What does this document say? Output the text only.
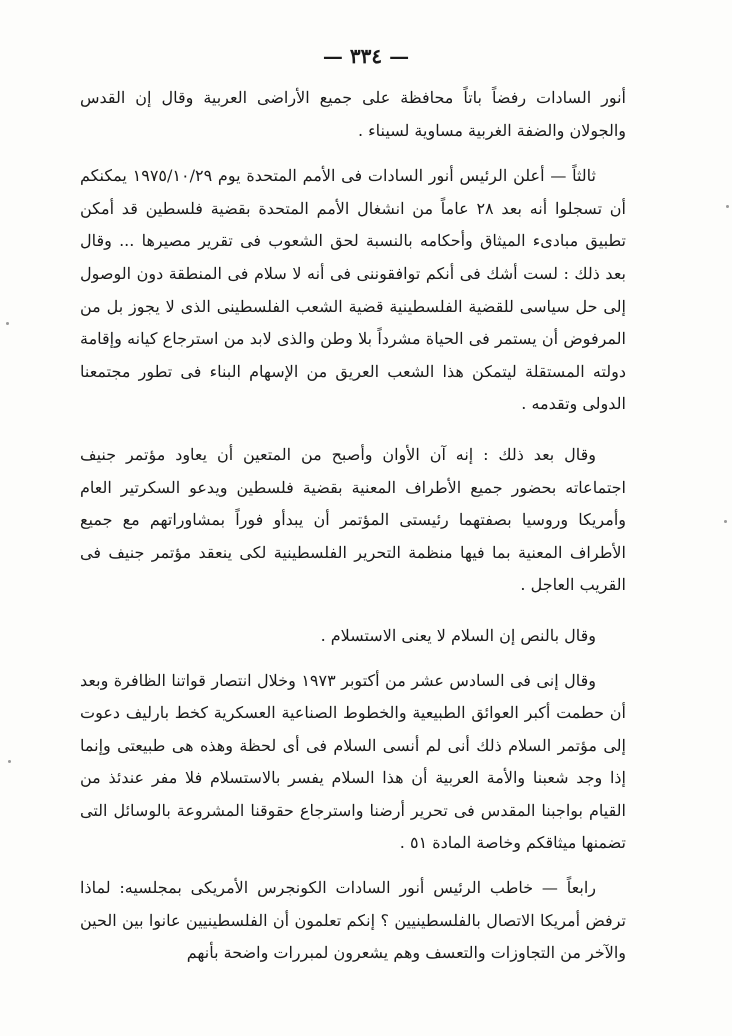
— ٣٣٤ —

أنور السادات رفضاً باتاً محافظة على جميع الأراضى العربية وقال إن القدس والجولان والضفة الغربية مساوية لسيناء .

ثالثاً — أعلن الرئيس أنور السادات فى الأمم المتحدة يوم ١٩٧٥/١٠/٢٩ يمكنكم أن تسجلوا أنه بعد ٢٨ عاماً من انشغال الأمم المتحدة بقضية فلسطين قد أمكن تطبيق مبادىء الميثاق وأحكامه بالنسبة لحق الشعوب فى تقرير مصيرها ... وقال بعد ذلك : لست أشك فى أنكم توافقوننى فى أنه لا سلام فى المنطقة دون الوصول إلى حل سياسى للقضية الفلسطينية قضية الشعب الفلسطينى الذى لا يجوز بل من المرفوض أن يستمر فى الحياة مشرداً بلا وطن والذى لابد من استرجاع كيانه وإقامة دولته المستقلة ليتمكن هذا الشعب العريق من الإسهام البناء فى تطور مجتمعنا الدولى وتقدمه .

وقال بعد ذلك : إنه آن الأوان وأصبح من المتعين أن يعاود مؤتمر جنيف اجتماعاته بحضور جميع الأطراف المعنية بقضية فلسطين ويدعو السكرتير العام وأمريكا وروسيا بصفتهما رئيستى المؤتمر أن يبدأو فوراً بمشاوراتهم مع جميع الأطراف المعنية بما فيها منظمة التحرير الفلسطينية لكى ينعقد مؤتمر جنيف فى القريب العاجل .

وقال بالنص إن السلام لا يعنى الاستسلام .

وقال إنى فى السادس عشر من أكتوبر ١٩٧٣ وخلال انتصار قواتنا الظافرة وبعد أن حطمت أكبر العوائق الطبيعية والخطوط الصناعية العسكرية كخط بارليف دعوت إلى مؤتمر السلام ذلك أنى لم أنسى السلام فى أى لحظة وهذه هى طبيعتى وإنما إذا وجد شعبنا والأمة العربية أن هذا السلام يفسر بالاستسلام فلا مفر عندئذ من القيام بواجبنا المقدس فى تحرير أرضنا واسترجاع حقوقنا المشروعة بالوسائل التى تضمنها ميثاقكم وخاصة المادة ٥١ .

رابعاً — خاطب الرئيس أنور السادات الكونجرس الأمريكى بمجلسيه: لماذا ترفض أمريكا الاتصال بالفلسطينيين ؟ إنكم تعلمون أن الفلسطينيين عانوا بين الحين والآخر من التجاوزات والتعسف وهم يشعرون لمبررات واضحة بأنهم
